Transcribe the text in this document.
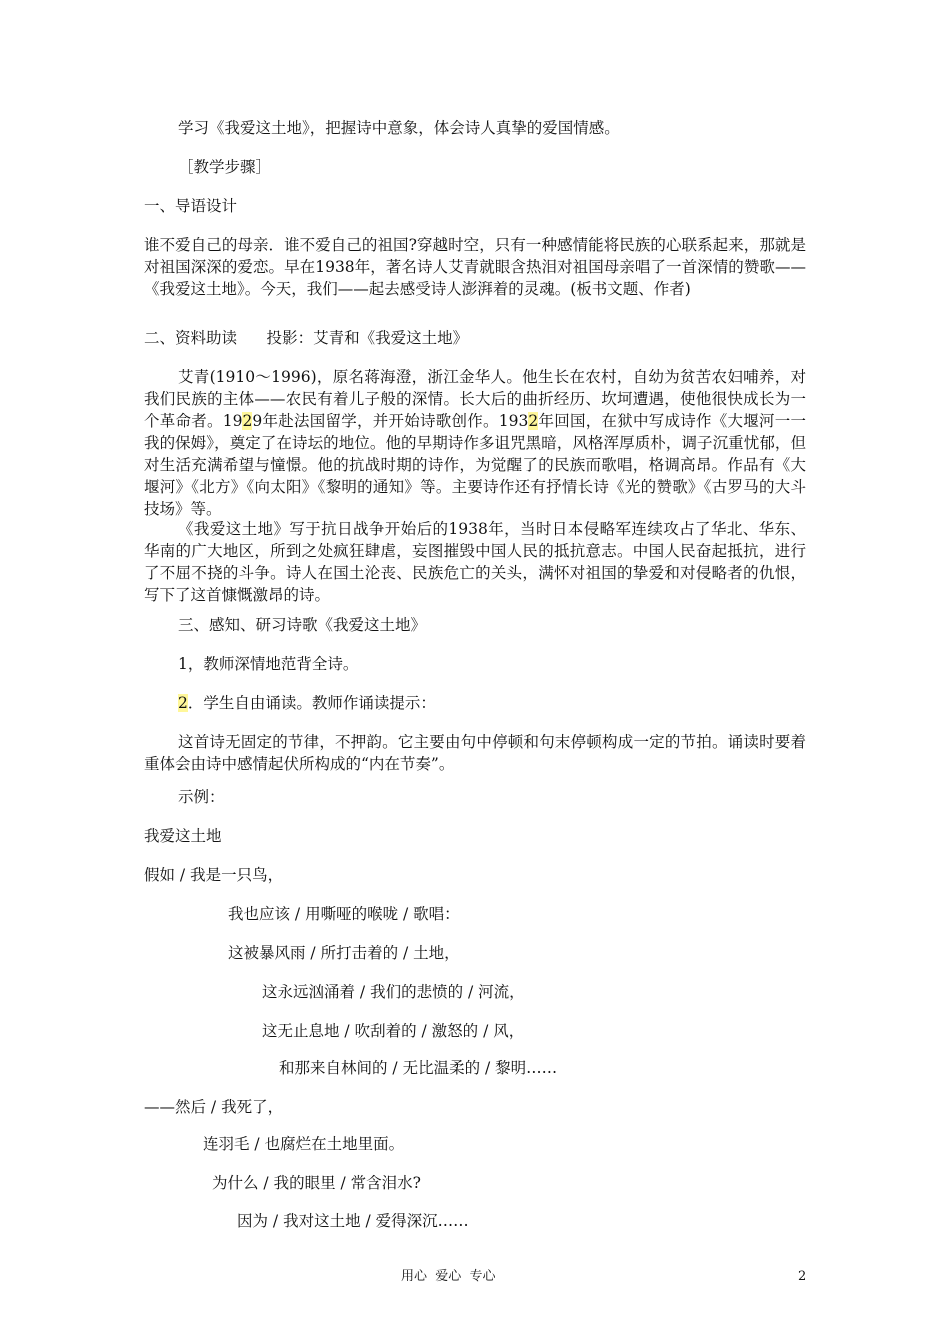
学习《我爱这土地》，把握诗中意象，体会诗人真挚的爱国情感。

［教学步骤］

一、导语设计

谁不爱自己的母亲．谁不爱自己的祖国?穿越时空，只有一种感情能将民族的心联系起来，那就是对祖国深深的爱恋。早在1938年，著名诗人艾青就眼含热泪对祖国母亲唱了一首深情的赞歌——《我爱这土地》。今天，我们——起去感受诗人澎湃着的灵魂。(板书文题、作者)

二、资料助读      投影：艾青和《我爱这土地》

艾青(1910～1996)，原名蒋海澄，浙江金华人。他生长在农村，自幼为贫苦农妇哺养，对我们民族的主体——农民有着儿子般的深情。长大后的曲折经历、坎坷遭遇，使他很快成长为一个革命者。1929年赴法国留学，并开始诗歌创作。1932年回国，在狱中写成诗作《大堰河一一我的保姆》，奠定了在诗坛的地位。他的早期诗作多诅咒黑暗，风格浑厚质朴，调子沉重忧郁，但对生活充满希望与憧憬。他的抗战时期的诗作，为觉醒了的民族而歌唱，格调高昂。作品有《大堰河》《北方》《向太阳》《黎明的通知》等。主要诗作还有抒情长诗《光的赞歌》《古罗马的大斗技场》等。

《我爱这土地》写于抗日战争开始后的1938年，当时日本侵略军连续攻占了华北、华东、华南的广大地区，所到之处疯狂肆虐，妄图摧毁中国人民的抵抗意志。中国人民奋起抵抗，进行了不屈不挠的斗争。诗人在国土沦丧、民族危亡的关头，满怀对祖国的挚爱和对侵略者的仇恨，写下了这首慷慨激昂的诗。

三、感知、研习诗歌《我爱这土地》

1，教师深情地范背全诗。

2．学生自由诵读。教师作诵读提示：

这首诗无固定的节律，不押韵。它主要由句中停顿和句末停顿构成一定的节拍。诵读时要着重体会由诗中感情起伏所构成的“内在节奏”。

示例：

我爱这土地

假如 / 我是一只鸟，

我也应该 / 用嘶哑的喉咙 / 歌唱：

这被暴风雨 / 所打击着的 / 土地，

这永远汹涌着 / 我们的悲愤的 / 河流，

这无止息地 / 吹刮着的 / 激怒的 / 风，

和那来自林间的 / 无比温柔的 / 黎明……

——然后 / 我死了，

连羽毛 / 也腐烂在土地里面。

为什么 / 我的眼里 / 常含泪水?

因为 / 我对这土地 / 爱得深沉……

用心  爱心  专心	2
